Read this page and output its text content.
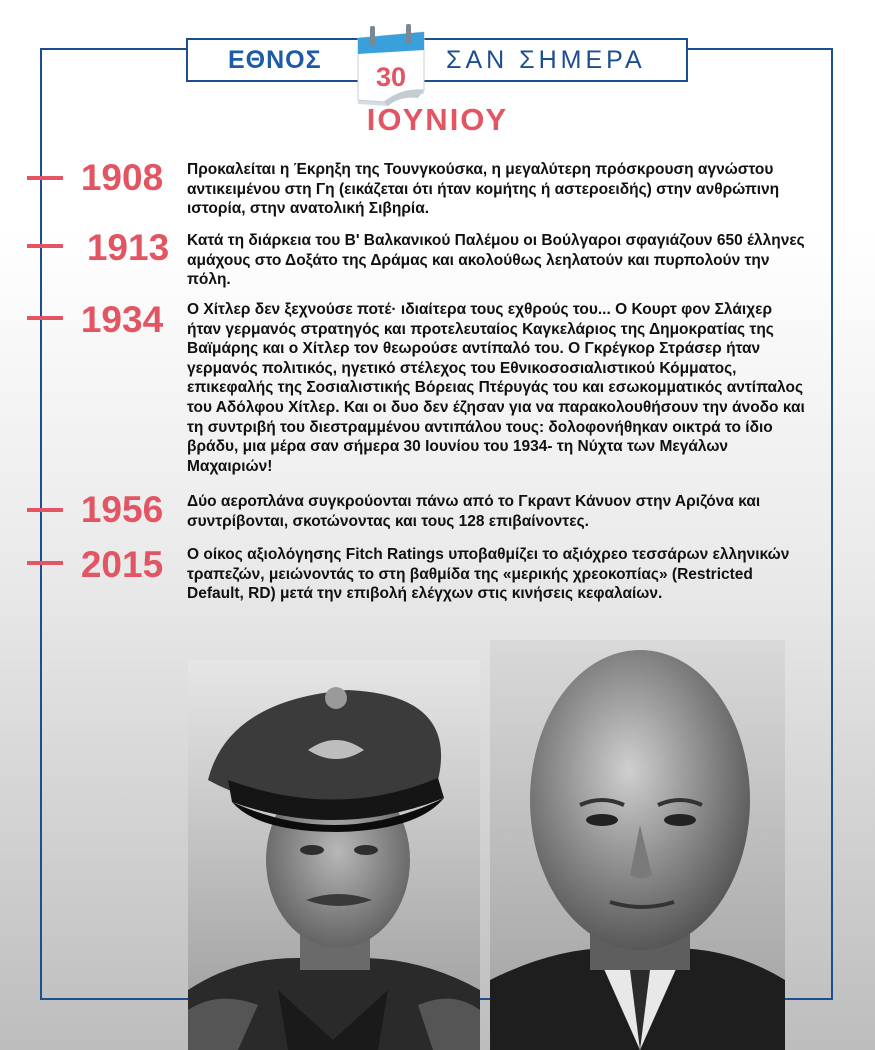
ΕΘΝΟΣ	ΣΑΝ ΣΗΜΕΡΑ
30
ΙΟΥΝΙΟΥ
1908	Προκαλείται η Έκρηξη της Τουνγκούσκα, η μεγαλύτερη πρόσκρουση αγνώστου αντικειμένου στη Γη (εικάζεται ότι ήταν κομήτης ή αστεροειδής) στην ανθρώπινη ιστορία, στην ανατολική Σιβηρία.
1913	Κατά τη διάρκεια του Β' Βαλκανικού Παλέμου οι Βούλγαροι σφαγιάζουν 650 έλληνες αμάχους στο Δοξάτο της Δράμας και ακολούθως λεηλατούν και πυρπολούν την πόλη.
1934	Ο Χίτλερ δεν ξεχνούσε ποτέ· ιδιαίτερα τους εχθρούς του... Ο Κουρτ φον Σλάιχερ ήταν γερμανός στρατηγός και προτελευταίος Καγκελάριος της Δημοκρατίας της Βαϊμάρης και ο Χίτλερ τον θεωρούσε αντίπαλό του. Ο Γκρέγκορ Στράσερ ήταν γερμανός πολιτικός, ηγετικό στέλεχος του Εθνικοσοσιαλιστικού Κόμματος, επικεφαλής της Σοσιαλιστικής Βόρειας Πτέρυγάς του και εσωκομματικός αντίπαλος του Αδόλφου Χίτλερ. Και οι δυο δεν έζησαν για να παρακολουθήσουν την άνοδο και τη συντριβή του διεστραμμένου αντιπάλου τους: δολοφονήθηκαν οικτρά το ίδιο βράδυ, μια μέρα σαν σήμερα 30 Ιουνίου του 1934- τη Νύχτα των Μεγάλων Μαχαιριών!
1956	Δύο αεροπλάνα συγκρούονται πάνω από το Γκραντ Κάνυον στην Αριζόνα και συντρίβονται, σκοτώνοντας και τους 128 επιβαίνοντες.
2015	Ο οίκος αξιολόγησης Fitch Ratings υποβαθμίζει το αξιόχρεο τεσσάρων ελληνικών τραπεζών, μειώνοντάς το στη βαθμίδα της «μερικής χρεοκοπίας» (Restricted Default, RD) μετά την επιβολή ελέγχων στις κινήσεις κεφαλαίων.
